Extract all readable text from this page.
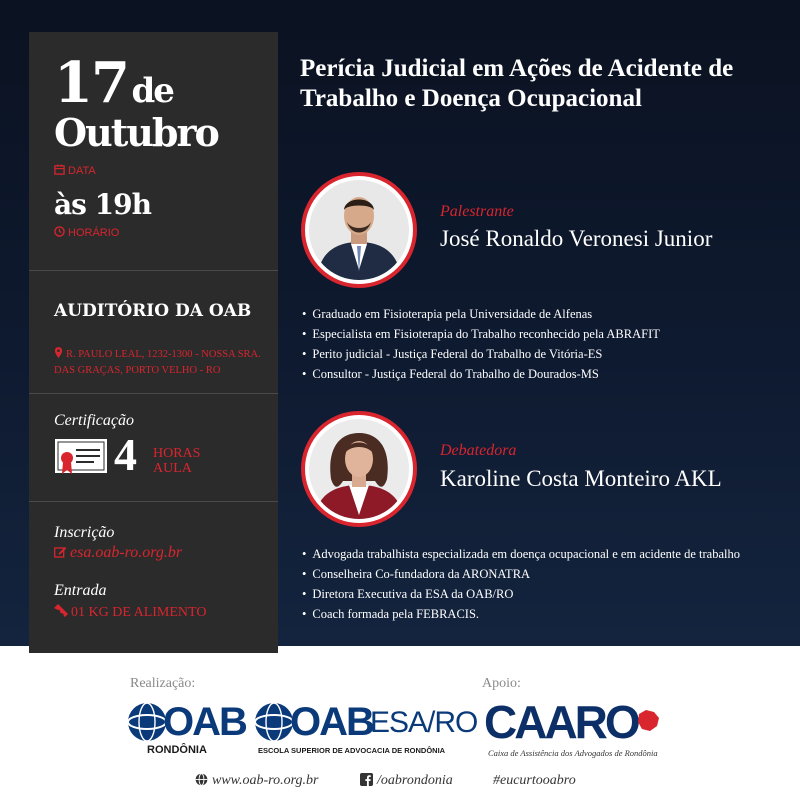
17 de
Outubro
DATA
às 19h
HORÁRIO
AUDITÓRIO DA OAB
R. PAULO LEAL, 1232-1300 - NOSSA SRA. DAS GRAÇAS, PORTO VELHO - RO
Certificação
4 HORAS
AULA
Inscrição
esa.oab-ro.org.br
Entrada
01 KG DE ALIMENTO
Perícia Judicial em Ações de Acidente de Trabalho e Doença Ocupacional
Palestrante
José Ronaldo Veronesi Junior
• Graduado em Fisioterapia pela Universidade de Alfenas
• Especialista em Fisioterapia do Trabalho reconhecido pela ABRAFIT
• Perito judicial - Justiça Federal do Trabalho de Vitória-ES
• Consultor - Justiça Federal do Trabalho de Dourados-MS
Debatedora
Karoline Costa Monteiro AKL
• Advogada trabalhista especializada em doença ocupacional e em acidente de trabalho
• Conselheira Co-fundadora da ARONATRA
• Diretora Executiva da ESA da OAB/RO
• Coach formada pela FEBRACIS.
Realização:	Apoio:
OAB
RONDÔNIA
OAB
ESA/RO
ESCOLA SUPERIOR DE ADVOCACIA DE RONDÔNIA
CAARO
Caixa de Assistência dos Advogados de Rondônia
www.oab-ro.org.br	/oabrondonia	#eucurtooabro
